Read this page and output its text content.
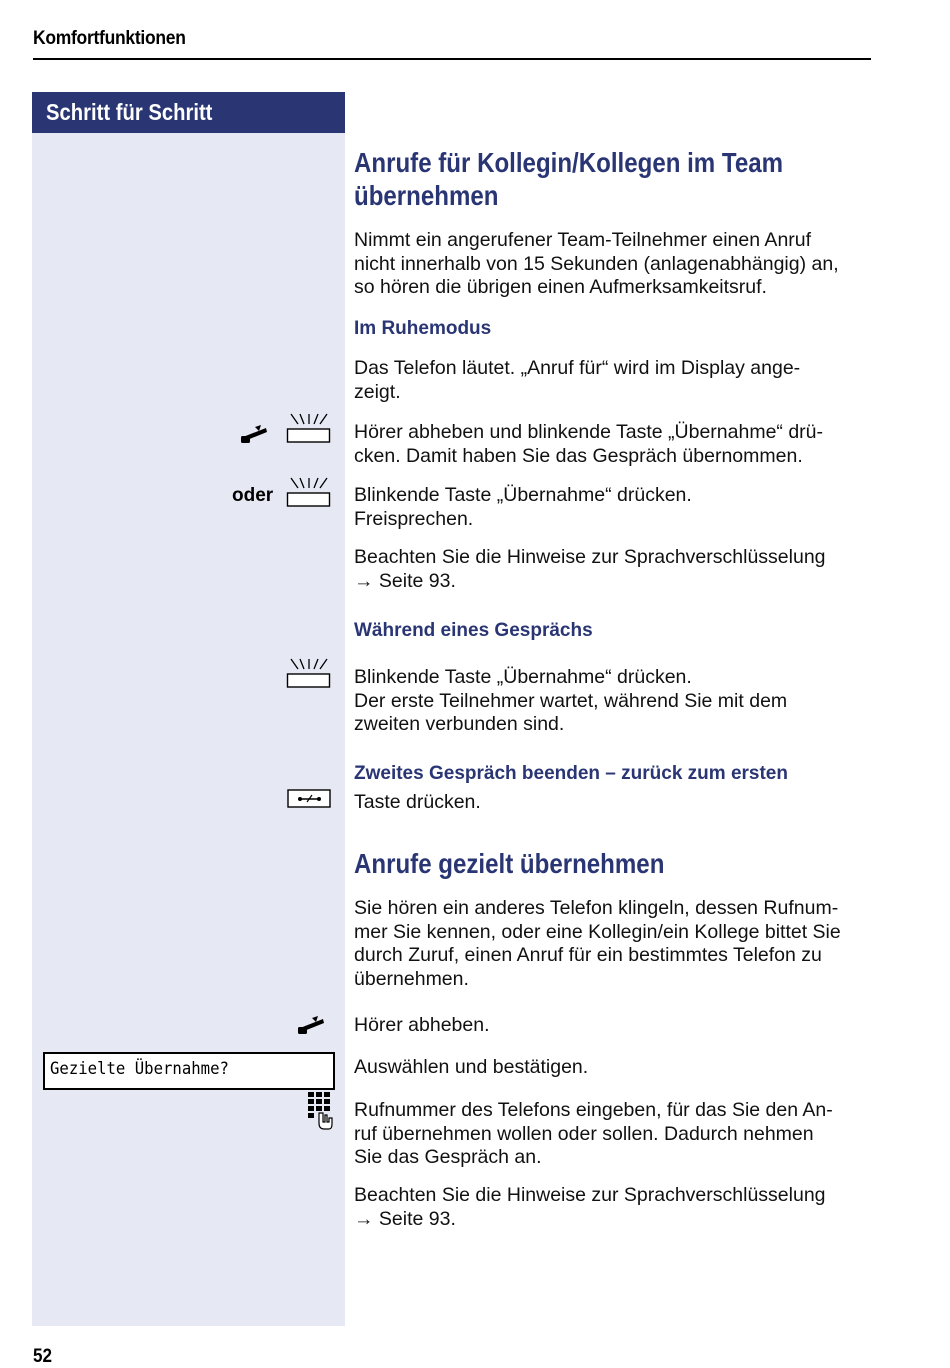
Komfortfunktionen
Schritt für Schritt
Anrufe für Kollegin/Kollegen im Team
übernehmen
Nimmt ein angerufener Team-Teilnehmer einen Anruf
nicht innerhalb von 15 Sekunden (anlagenabhängig) an,
so hören die übrigen einen Aufmerksamkeitsruf.
Im Ruhemodus
Das Telefon läutet. „Anruf für“ wird im Display ange-
zeigt.
Hörer abheben und blinkende Taste „Übernahme“ drü-
cken. Damit haben Sie das Gespräch übernommen.
oder	Blinkende Taste „Übernahme“ drücken.
Freisprechen.
Beachten Sie die Hinweise zur Sprachverschlüsselung
→ Seite 93.
Während eines Gesprächs
Blinkende Taste „Übernahme“ drücken.
Der erste Teilnehmer wartet, während Sie mit dem
zweiten verbunden sind.
Zweites Gespräch beenden – zurück zum ersten
Taste drücken.
Anrufe gezielt übernehmen
Sie hören ein anderes Telefon klingeln, dessen Rufnum-
mer Sie kennen, oder eine Kollegin/ein Kollege bittet Sie
durch Zuruf, einen Anruf für ein bestimmtes Telefon zu
übernehmen.
Hörer abheben.
Gezielte Übernahme?	Auswählen und bestätigen.
Rufnummer des Telefons eingeben, für das Sie den An-
ruf übernehmen wollen oder sollen. Dadurch nehmen
Sie das Gespräch an.
Beachten Sie die Hinweise zur Sprachverschlüsselung
→ Seite 93.
52
